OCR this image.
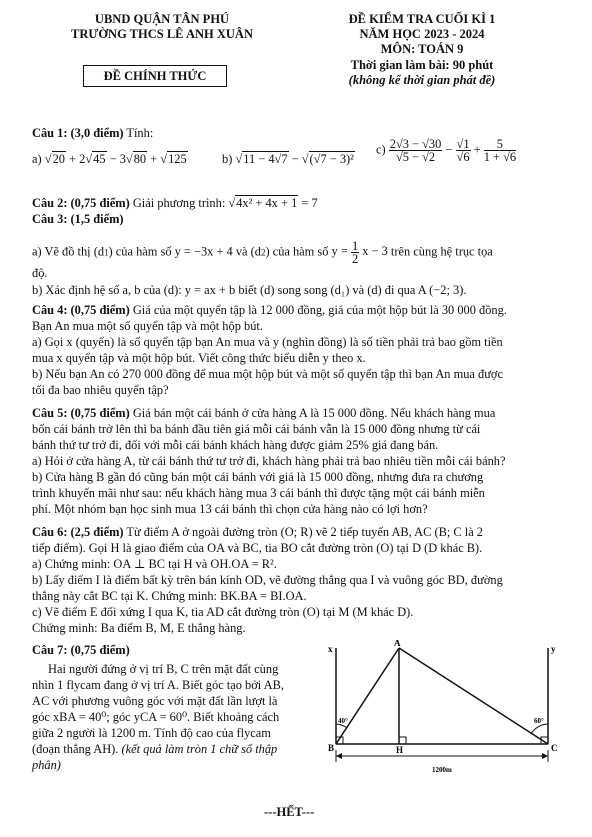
UBND QUẬN TÂN PHÚ
TRƯỜNG THCS LÊ ANH XUÂN
ĐỀ CHÍNH THỨC
ĐỀ KIỂM TRA CUỐI KÌ 1
NĂM HỌC 2023 - 2024
MÔN: TOÁN 9
Thời gian làm bài: 90 phút
(không kể thời gian phát đề)
Câu 1: (3,0 điểm) Tính:
a) √20 + 2√45 − 3√80 + √125	b) √11 − 4√7 − √(√7 − 3)²
$c) \frac{2√3 - √30}{√5 - √2} - \frac{√1}{√6} + \frac{5}{1 + √6}$
Câu 2: (0,75 điểm) Giải phương trình: √4x² + 4x + 1 = 7
Câu 3: (1,5 điểm)
a) Vẽ đồ thị (d1) của hàm số y = −3x + 4 và (d2) của hàm số $y = \frac{1}{2}$ x − 3 trên cùng hệ trục tọa
độ.
b) Xác định hệ số a, b của (d): y = ax + b biết (d) song song (d₁) và (d) đi qua A (−2; 3).
Câu 4: (0,75 điểm) Giá của một quyển tập là 12 000 đồng, giá của một hộp bút là 30 000 đồng.
Bạn An mua một số quyển tập và một hộp bút.
a) Gọi x (quyển) là số quyển tập bạn An mua và y (nghìn đồng) là số tiền phải trả bao gồm tiền
mua x quyển tập và một hộp bút. Viết công thức biểu diễn y theo x.
b) Nếu bạn An có 270 000 đồng để mua một hộp bút và một số quyển tập thì bạn An mua được
tối đa bao nhiêu quyển tập?
Câu 5: (0,75 điểm) Giá bán một cái bánh ở cửa hàng A là 15 000 đồng. Nếu khách hàng mua
bốn cái bánh trở lên thì ba bánh đầu tiên giá mỗi cái bánh vẫn là 15 000 đồng nhưng từ cái
bánh thứ tư trở đi, đối với mỗi cái bánh khách hàng được giảm 25% giá đang bán.
a) Hỏi ở cửa hàng A, từ cái bánh thứ tư trở đi, khách hàng phải trả bao nhiêu tiền mỗi cái bánh?
b) Cửa hàng B gần đó cũng bán một cái bánh với giá là 15 000 đồng, nhưng đưa ra chương
trình khuyến mãi như sau: nếu khách hàng mua 3 cái bánh thì được tặng một cái bánh miễn
phí. Một nhóm bạn học sinh mua 13 cái bánh thì chọn cửa hàng nào có lợi hơn?
Câu 6: (2,5 điểm) Từ điểm A ở ngoài đường tròn (O; R) vẽ 2 tiếp tuyến AB, AC (B; C là 2
tiếp điểm). Gọi H là giao điểm của OA và BC, tia BO cắt đường tròn (O) tại D (D khác B).
a) Chứng minh: OA ⊥ BC tại H và OH.OA = R².
b) Lấy điểm I là điểm bất kỳ trên bán kính OD, vẽ đường thẳng qua I và vuông góc BD, đường
thẳng này cắt BC tại K. Chứng minh: BK.BA = BI.OA.
c) Vẽ điểm E đối xứng I qua K, tia AD cắt đường tròn (O) tại M (M khác D).
Chứng minh: Ba điểm B, M, E thẳng hàng.
Câu 7: (0,75 điểm)
Hai người đứng ở vị trí B, C trên mặt đất cùng
nhìn 1 flycam đang ở vị trí A. Biết góc tạo bởi AB,
AC với phương vuông góc với mặt đất lần lượt là
góc xBA = 40⁰; góc yCA = 60⁰. Biết khoảng cách
giữa 2 người là 1200 m. Tính độ cao của flycam
(đoạn thẳng AH). (kết quả làm tròn 1 chữ số thập
phân)
A
B	C
H
x	y
40°	60°
1200m
---HẾT---
